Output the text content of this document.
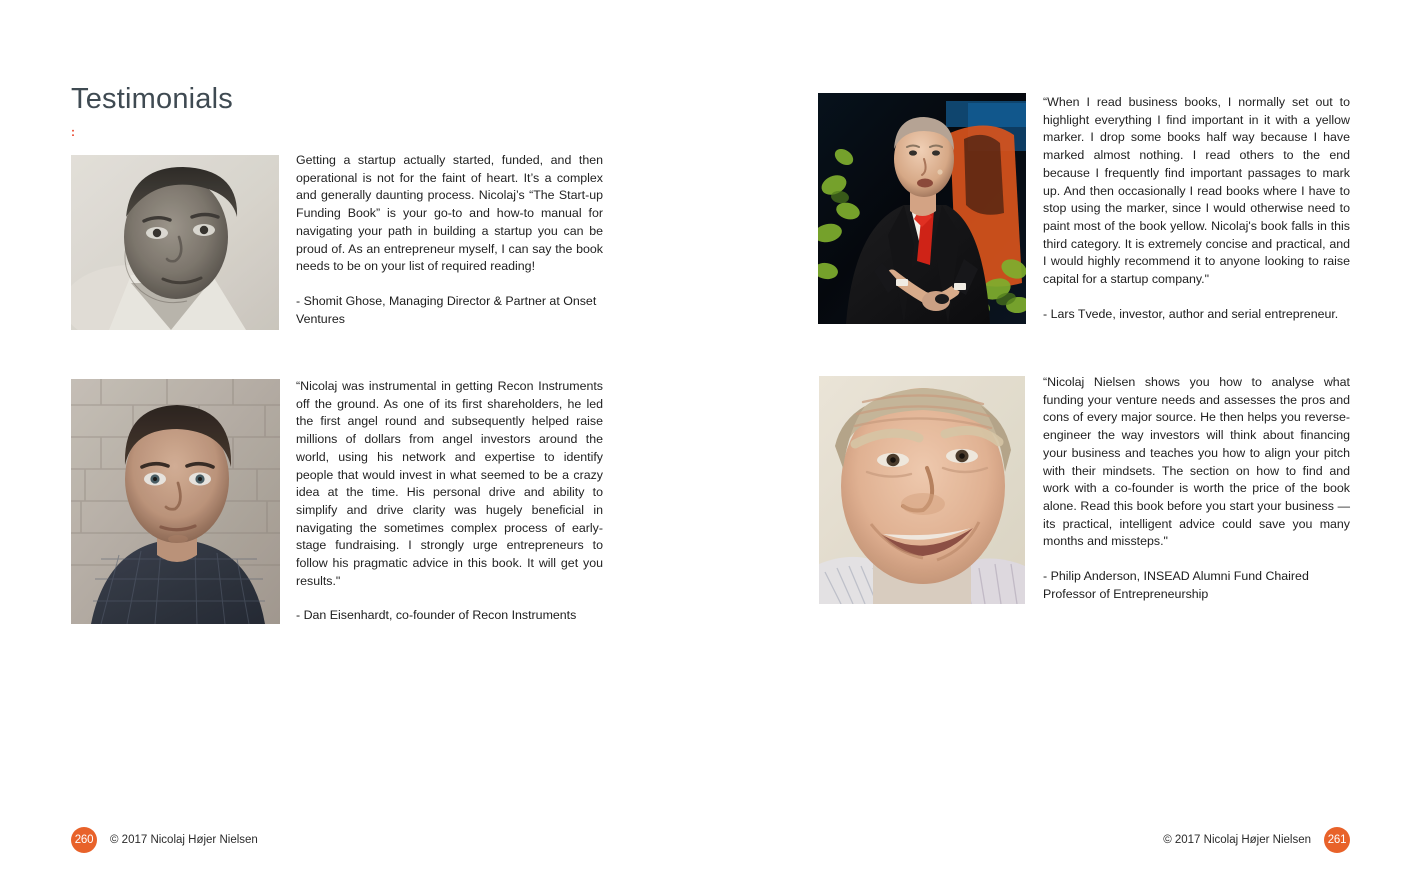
Testimonials
:

Getting a startup actually started, funded, and then operational is not for the faint of heart. It’s a complex and generally daunting process. Nicolaj’s “The Start-up Funding Book” is your go-to and how-to manual for navigating your path in building a startup you can be proud of. As an entrepreneur myself, I can say the book needs to be on your list of required reading!

- Shomit Ghose, Managing Director & Partner at Onset Ventures

“Nicolaj was instrumental in getting Recon Instruments off the ground. As one of its first shareholders, he led the first angel round and subsequently helped raise millions of dollars from angel investors around the world, using his network and expertise to identify people that would invest in what seemed to be a crazy idea at the time. His personal drive and ability to simplify and drive clarity was hugely beneficial in navigating the sometimes complex process of early-stage fundraising. I strongly urge entrepreneurs to follow his pragmatic advice in this book. It will get you results."

- Dan Eisenhardt, co-founder of Recon Instruments

“When I read business books, I normally set out to highlight everything I find important in it with a yellow marker. I drop some books half way because I have marked almost nothing. I read others to the end because I frequently find important passages to mark up. And then occasionally I read books where I have to stop using the marker, since I would otherwise need to paint most of the book yellow. Nicolaj's book falls in this third category. It is extremely concise and practical, and I would highly recommend it to anyone looking to raise capital for a startup company."

- Lars Tvede, investor, author and serial entrepreneur.

“Nicolaj Nielsen shows you how to analyse what funding your venture needs and assesses the pros and cons of every major source. He then helps you reverse-engineer the way investors will think about financing your business and teaches you how to align your pitch with their mindsets. The section on how to find and work with a co-founder is worth the price of the book alone. Read this book before you start your business — its practical, intelligent advice could save you many months and missteps."

- Philip Anderson, INSEAD Alumni Fund Chaired Professor of Entrepreneurship

260	© 2017 Nicolaj Højer Nielsen	© 2017 Nicolaj Højer Nielsen	261
